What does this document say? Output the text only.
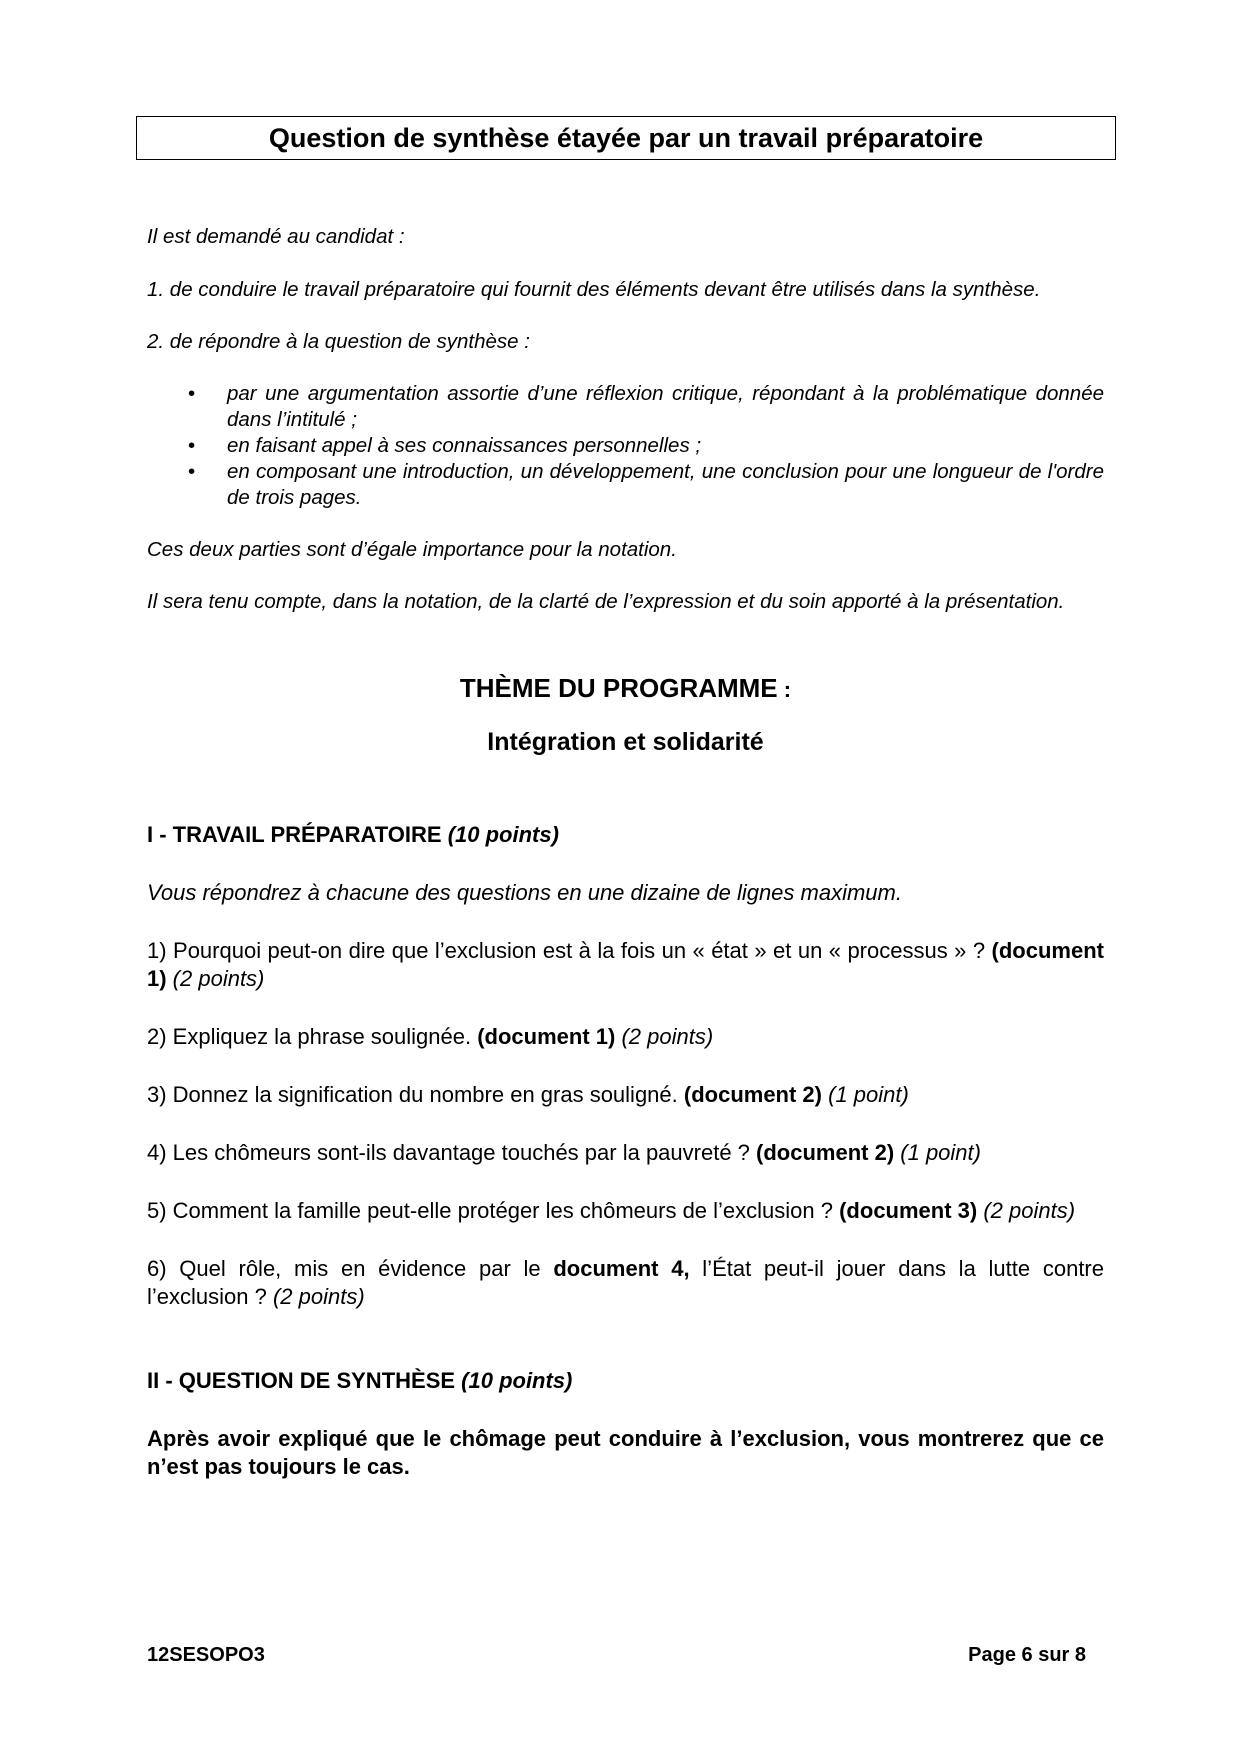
Question de synthèse étayée par un travail préparatoire

Il est demandé au candidat :

1. de conduire le travail préparatoire qui fournit des éléments devant être utilisés dans la synthèse.

2. de répondre à la question de synthèse :

• par une argumentation assortie d’une réflexion critique, répondant à la problématique donnée dans l’intitulé ;
• en faisant appel à ses connaissances personnelles ;
• en composant une introduction, un développement, une conclusion pour une longueur de l'ordre de trois pages.

Ces deux parties sont d’égale importance pour la notation.

Il sera tenu compte, dans la notation, de la clarté de l’expression et du soin apporté à la présentation.

THÈME DU PROGRAMME :

Intégration et solidarité

I - TRAVAIL PRÉPARATOIRE (10 points)

Vous répondrez à chacune des questions en une dizaine de lignes maximum.

1) Pourquoi peut-on dire que l’exclusion est à la fois un « état » et un « processus » ? (document 1) (2 points)

2) Expliquez la phrase soulignée. (document 1) (2 points)

3) Donnez la signification du nombre en gras souligné. (document 2) (1 point)

4) Les chômeurs sont-ils davantage touchés par la pauvreté ? (document 2) (1 point)

5) Comment la famille peut-elle protéger les chômeurs de l’exclusion ? (document 3) (2 points)

6) Quel rôle, mis en évidence par le document 4, l’État peut-il jouer dans la lutte contre l’exclusion ? (2 points)

II - QUESTION DE SYNTHÈSE (10 points)

Après avoir expliqué que le chômage peut conduire à l’exclusion, vous montrerez que ce n’est pas toujours le cas.

12SESOPO3	Page 6 sur 8
